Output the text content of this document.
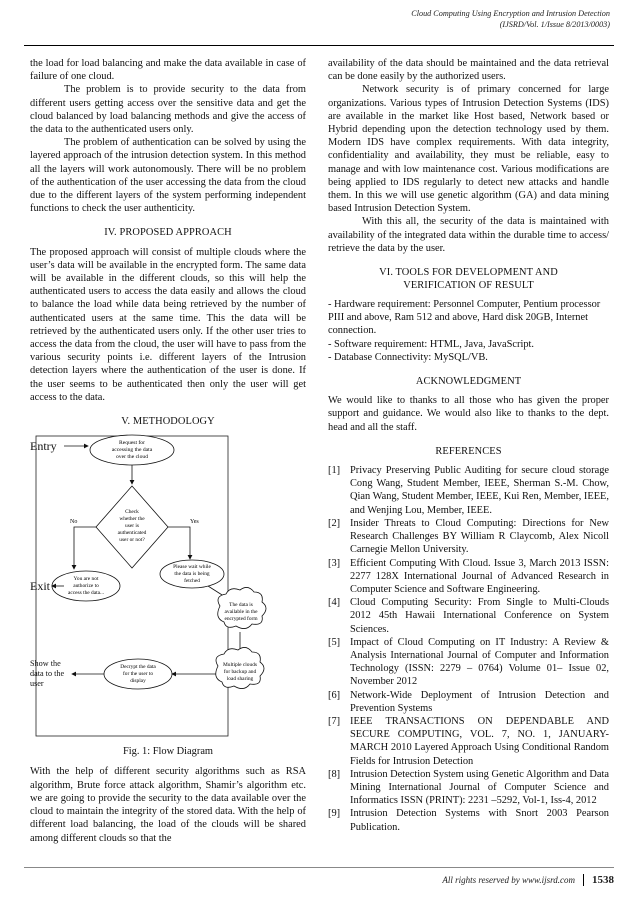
Cloud Computing Using Encryption and Intrusion Detection
(IJSRD/Vol. 1/Issue 8/2013/0003)

the load for load balancing and make the data available in case of failure of one cloud.

The problem is to provide security to the data from different users getting access over the sensitive data and get the cloud balanced by load balancing methods and give the access of the data to the authenticated users only.

The problem of authentication can be solved by using the layered approach of the intrusion detection system. In this method all the layers will work autonomously. There will be no problem of the authentication of the user accessing the data from the cloud due to the different layers of the system performing independent functions to check the user authenticity.

IV. PROPOSED APPROACH

The proposed approach will consist of multiple clouds where the user’s data will be available in the encrypted form. The same data will be available in the different clouds, so this will help the authenticated users to access the data easily and allows the cloud to balance the load while data being retrieved by the number of authenticated users at the same time. This the data will be retrieved by the authenticated users only. If the other user tries to access the data from the cloud, the user will have to pass from the various security points i.e. different layers of the Intrusion detection layers where the authentication of the user is done. If the user seems to be authenticated then only the user will get access to the data.

V. METHODOLOGY
Entry
Exit
Show the
data to the
user
Request for
accessing the data
over the cloud
Check
whether the
user is
authenticated
user or not?
No	Yes
You are not
authorize to
access the data...
Please wait while
the data is being
fetched
The data is
available in the
encrypted form
Multiple clouds
for backup and
load sharing
Decrypt the data
for the user to
display
Fig. 1: Flow Diagram

With the help of different security algorithms such as RSA algorithm, Brute force attack algorithm, Shamir’s algorithm etc. we are going to provide the security to the data available over the cloud to maintain the integrity of the stored data. With the help of different load balancing, the load of the clouds will be shared among different clouds so that the

availability of the data should be maintained and the data retrieval can be done easily by the authorized users.

Network security is of primary concerned for large organizations. Various types of Intrusion Detection Systems (IDS) are available in the market like Host based, Network based or Hybrid depending upon the detection technology used by them. Modern IDS have complex requirements. With data integrity, confidentiality and availability, they must be reliable, easy to manage and with low maintenance cost. Various modifications are being applied to IDS regularly to detect new attacks and handle them. In this we will use genetic algorithm (GA) and data mining based Intrusion Detection System.

With this all, the security of the data is maintained with availability of the integrated data within the durable time to access/ retrieve the data by the user.

VI. TOOLS FOR DEVELOPMENT AND
VERIFICATION OF RESULT

- Hardware requirement: Personnel Computer, Pentium processor PIII and above, Ram 512 and above, Hard disk 20GB, Internet connection.

- Software requirement: HTML, Java, JavaScript.

- Database Connectivity: MySQL/VB.

ACKNOWLEDGMENT

We would like to thanks to all those who has given the proper support and guidance. We would also like to thanks to the dept. head and all the staff.

REFERENCES
[1] Privacy Preserving Public Auditing for secure cloud storage Cong Wang, Student Member, IEEE, Sherman S.-M. Chow, Qian Wang, Student Member, IEEE, Kui Ren, Member, IEEE, and Wenjing Lou, Member, IEEE.
[2] Insider Threats to Cloud Computing: Directions for New Research Challenges BY William R Claycomb, Alex Nicoll Carnegie Mellon University.
[3] Efficient Computing With Cloud. Issue 3, March 2013 ISSN: 2277 128X International Journal of Advanced Research in Computer Science and Software Engineering.
[4] Cloud Computing Security: From Single to Multi-Clouds 2012 45th Hawaii International Conference on System Sciences.
[5] Impact of Cloud Computing on IT Industry: A Review & Analysis International Journal of Computer and Information Technology (ISSN: 2279 – 0764) Volume 01– Issue 02, November 2012
[6] Network-Wide Deployment of Intrusion Detection and Prevention Systems
[7] IEEE TRANSACTIONS ON DEPENDABLE AND SECURE COMPUTING, VOL. 7, NO. 1, JANUARY-MARCH 2010 Layered Approach Using Conditional Random Fields for Intrusion Detection
[8] Intrusion Detection System using Genetic Algorithm and Data Mining International Journal of Computer Science and Informatics ISSN (PRINT): 2231 –5292, Vol-1, Iss-4, 2012
[9] Intrusion Detection Systems with Snort 2003 Pearson Publication.
All rights reserved by www.ijsrd.com	1538
